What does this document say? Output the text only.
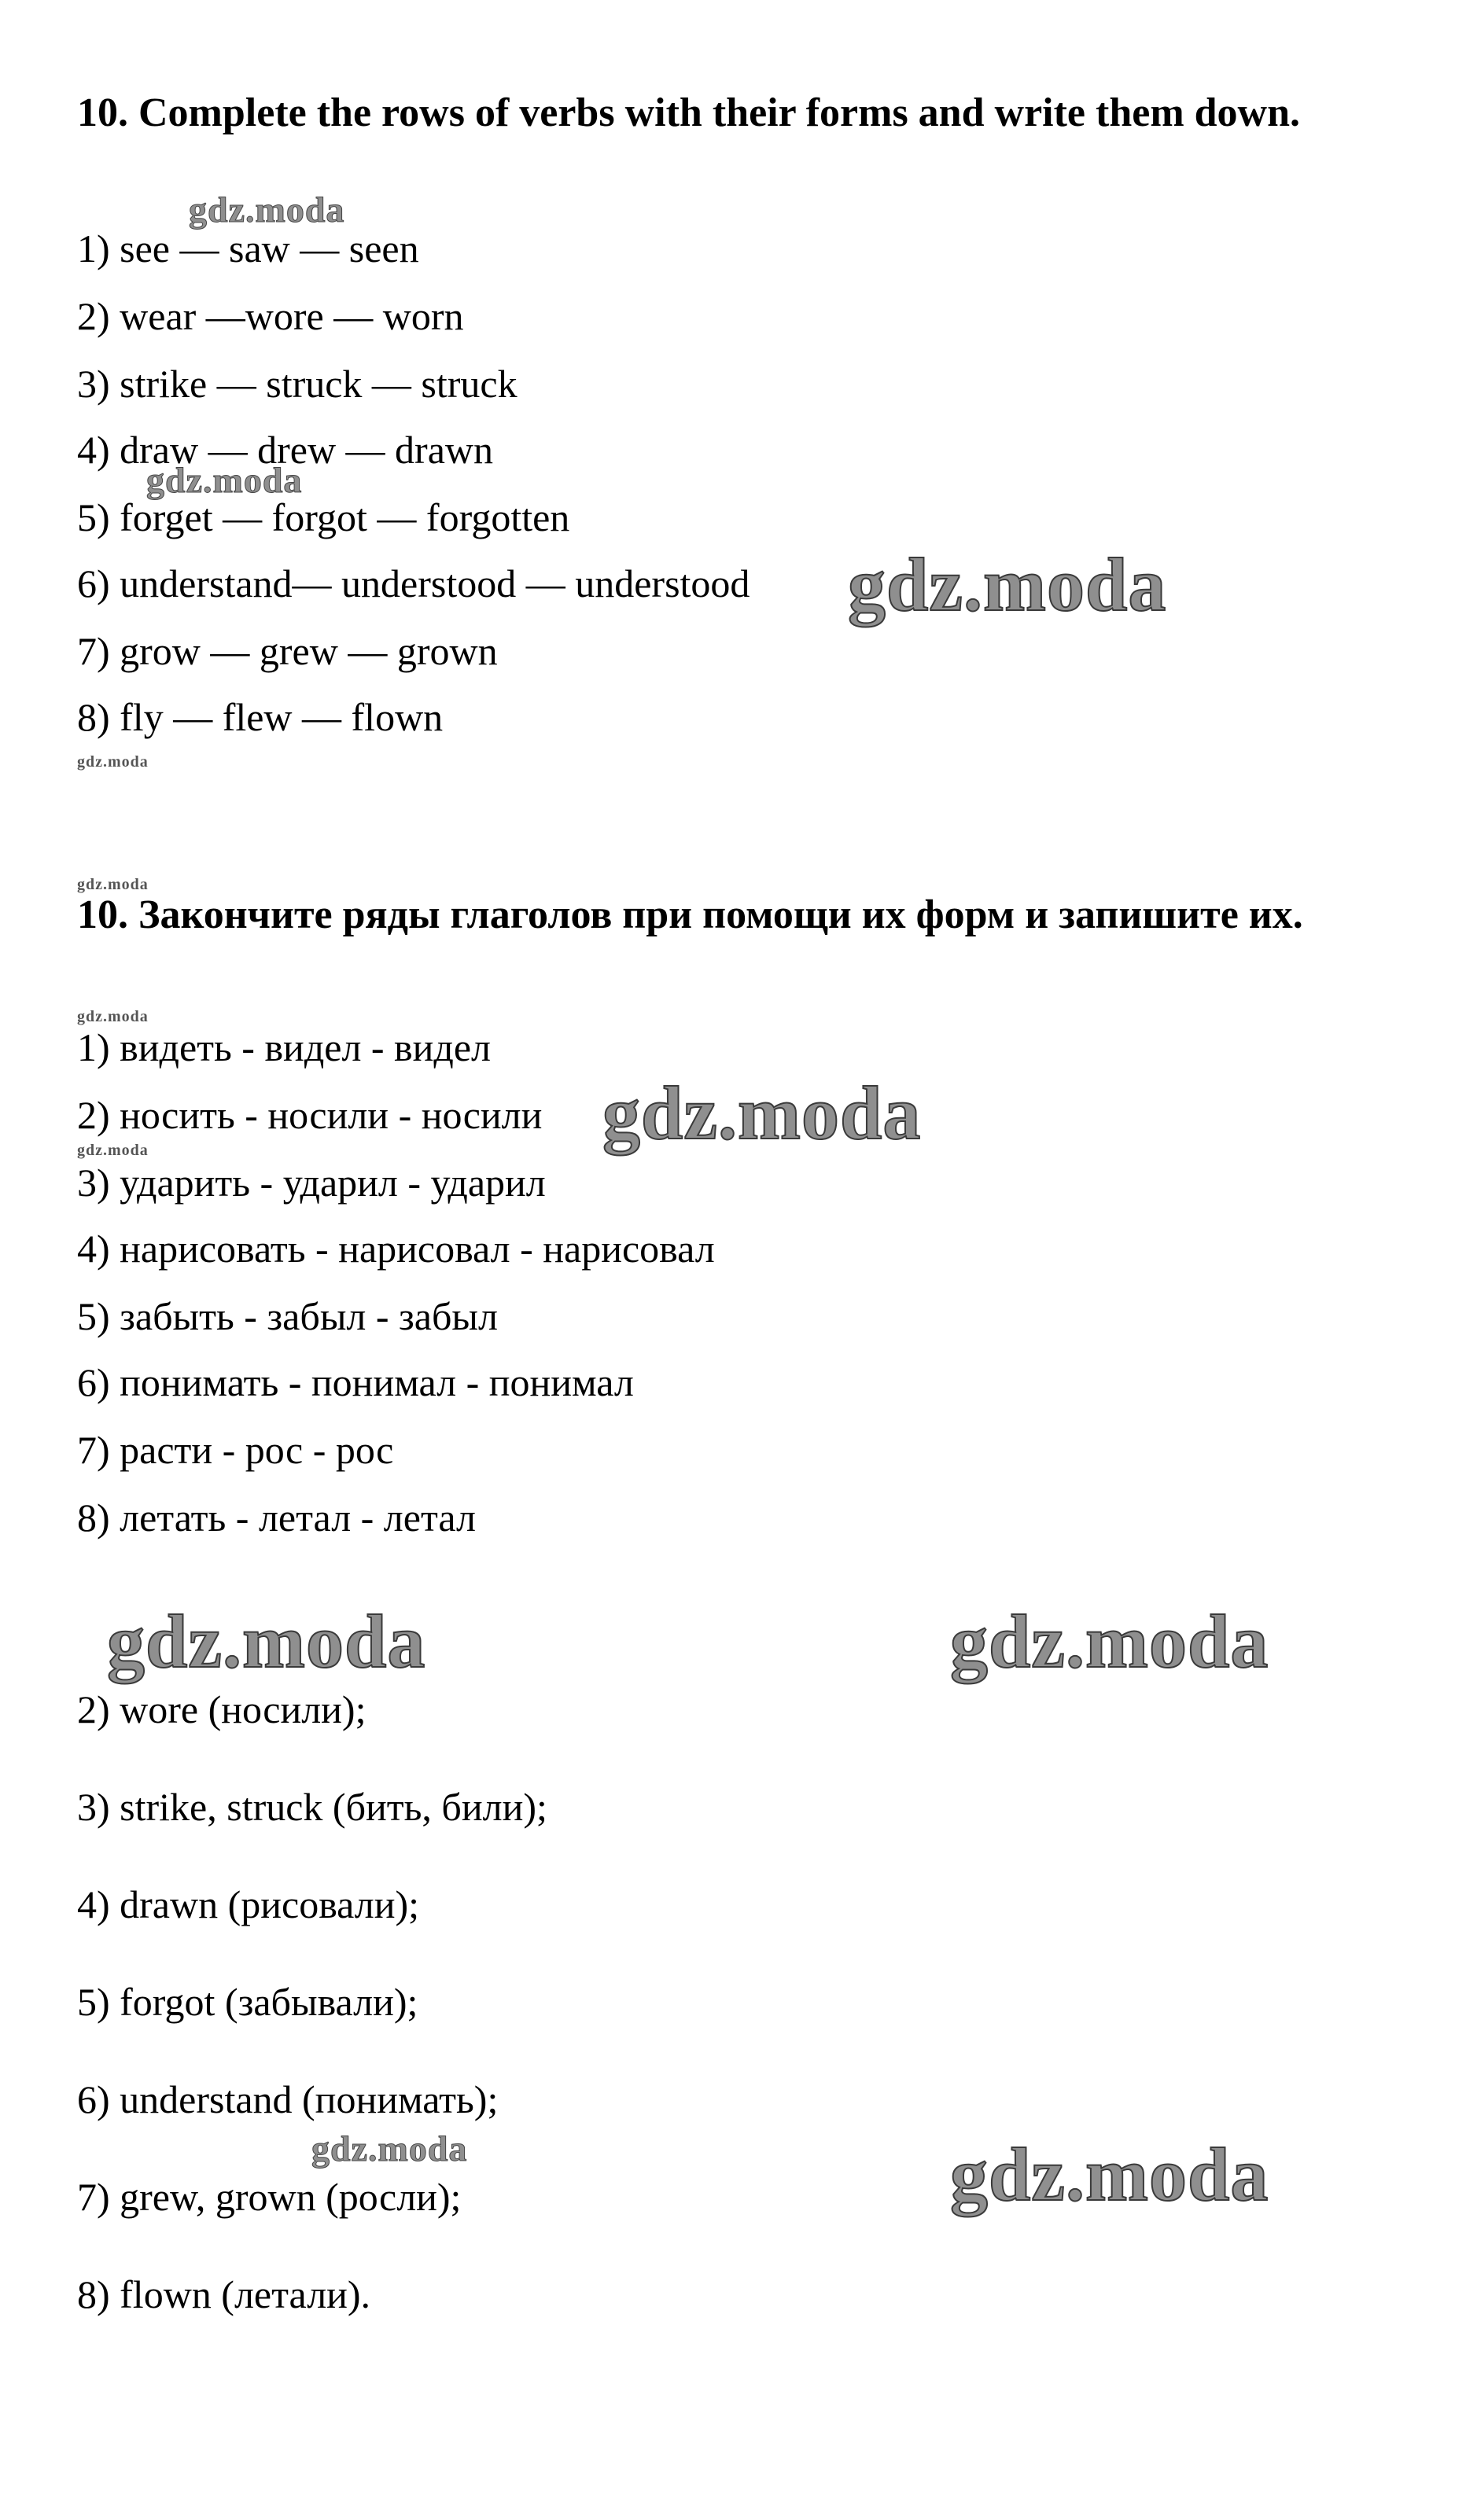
10. Complete the rows of verbs with their forms and write them down.
1) see — saw — seen
2) wear —wore — worn
3) strike — struck — struck
4) draw — drew — drawn
5) forget — forgot — forgotten
6) understand— understood — understood
7) grow — grew — grown
8) fly — flew — flown
10. Закончите ряды глаголов при помощи их форм и запишите их.
1) видеть - видел - видел
2) носить - носили - носили
3) ударить - ударил - ударил
4) нарисовать - нарисовал - нарисовал
5) забыть - забыл - забыл
6) понимать - понимал - понимал
7) расти - рос - рос
8) летать - летал - летал
2) wore (носили);
3) strike, struck (бить, били);
4) drawn (рисовали);
5) forgot (забывали);
6) understand (понимать);
7) grew, grown (росли);
8) flown (летали).
gdz.moda
gdz.moda
gdz.moda
gdz.moda
gdz.moda
gdz.moda
gdz.moda
gdz.moda
gdz.moda	gdz.moda
gdz.moda	gdz.moda
